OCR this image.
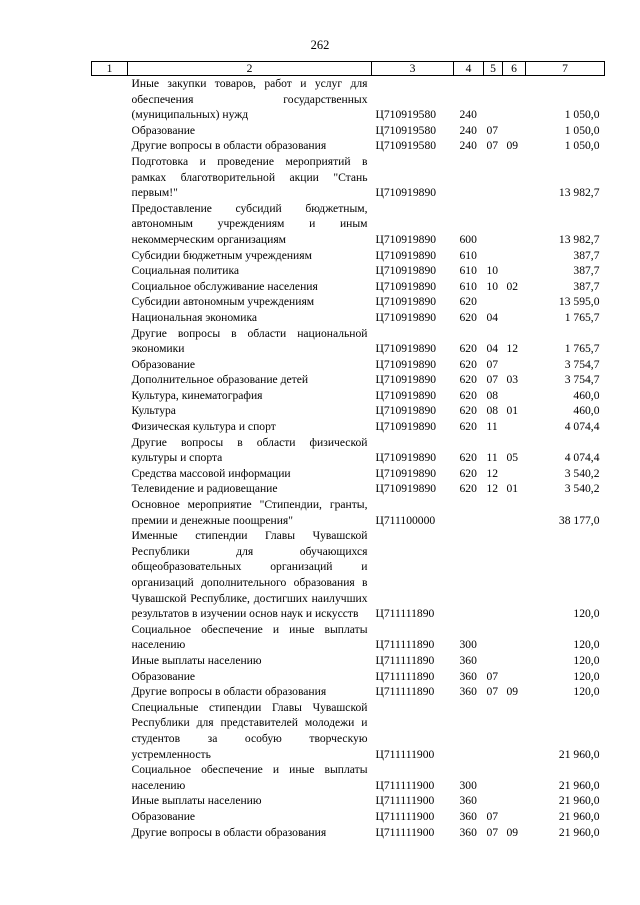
262
1	2	3	4	5	6	7
	Иные закупки товаров, работ и услуг для обеспечения государственных (муниципальных) нужд	Ц710919580	240			1 050,0
	Образование	Ц710919580	240	07		1 050,0
	Другие вопросы в области образования	Ц710919580	240	07	09	1 050,0
	Подготовка и проведение мероприятий в рамках благотворительной акции "Стань первым!"	Ц710919890				13 982,7
	Предоставление субсидий бюджетным, автономным учреждениям и иным некоммерческим организациям	Ц710919890	600			13 982,7
	Субсидии бюджетным учреждениям	Ц710919890	610			387,7
	Социальная политика	Ц710919890	610	10		387,7
	Социальное обслуживание населения	Ц710919890	610	10	02	387,7
	Субсидии автономным учреждениям	Ц710919890	620			13 595,0
	Национальная экономика	Ц710919890	620	04		1 765,7
	Другие вопросы в области национальной экономики	Ц710919890	620	04	12	1 765,7
	Образование	Ц710919890	620	07		3 754,7
	Дополнительное образование детей	Ц710919890	620	07	03	3 754,7
	Культура, кинематография	Ц710919890	620	08		460,0
	Культура	Ц710919890	620	08	01	460,0
	Физическая культура и спорт	Ц710919890	620	11		4 074,4
	Другие вопросы в области физической культуры и спорта	Ц710919890	620	11	05	4 074,4
	Средства массовой информации	Ц710919890	620	12		3 540,2
	Телевидение и радиовещание	Ц710919890	620	12	01	3 540,2
	Основное мероприятие "Стипендии, гранты, премии и денежные поощрения"	Ц711100000				38 177,0
	Именные стипендии Главы Чувашской Республики для обучающихся общеобразовательных организаций и организаций дополнительного образования в Чувашской Республике, достигших наилучших результатов в изучении основ наук и искусств	Ц711111890				120,0
	Социальное обеспечение и иные выплаты населению	Ц711111890	300			120,0
	Иные выплаты населению	Ц711111890	360			120,0
	Образование	Ц711111890	360	07		120,0
	Другие вопросы в области образования	Ц711111890	360	07	09	120,0
	Специальные стипендии Главы Чувашской Республики для представителей молодежи и студентов за особую творческую устремленность	Ц711111900				21 960,0
	Социальное обеспечение и иные выплаты населению	Ц711111900	300			21 960,0
	Иные выплаты населению	Ц711111900	360			21 960,0
	Образование	Ц711111900	360	07		21 960,0
	Другие вопросы в области образования	Ц711111900	360	07	09	21 960,0
